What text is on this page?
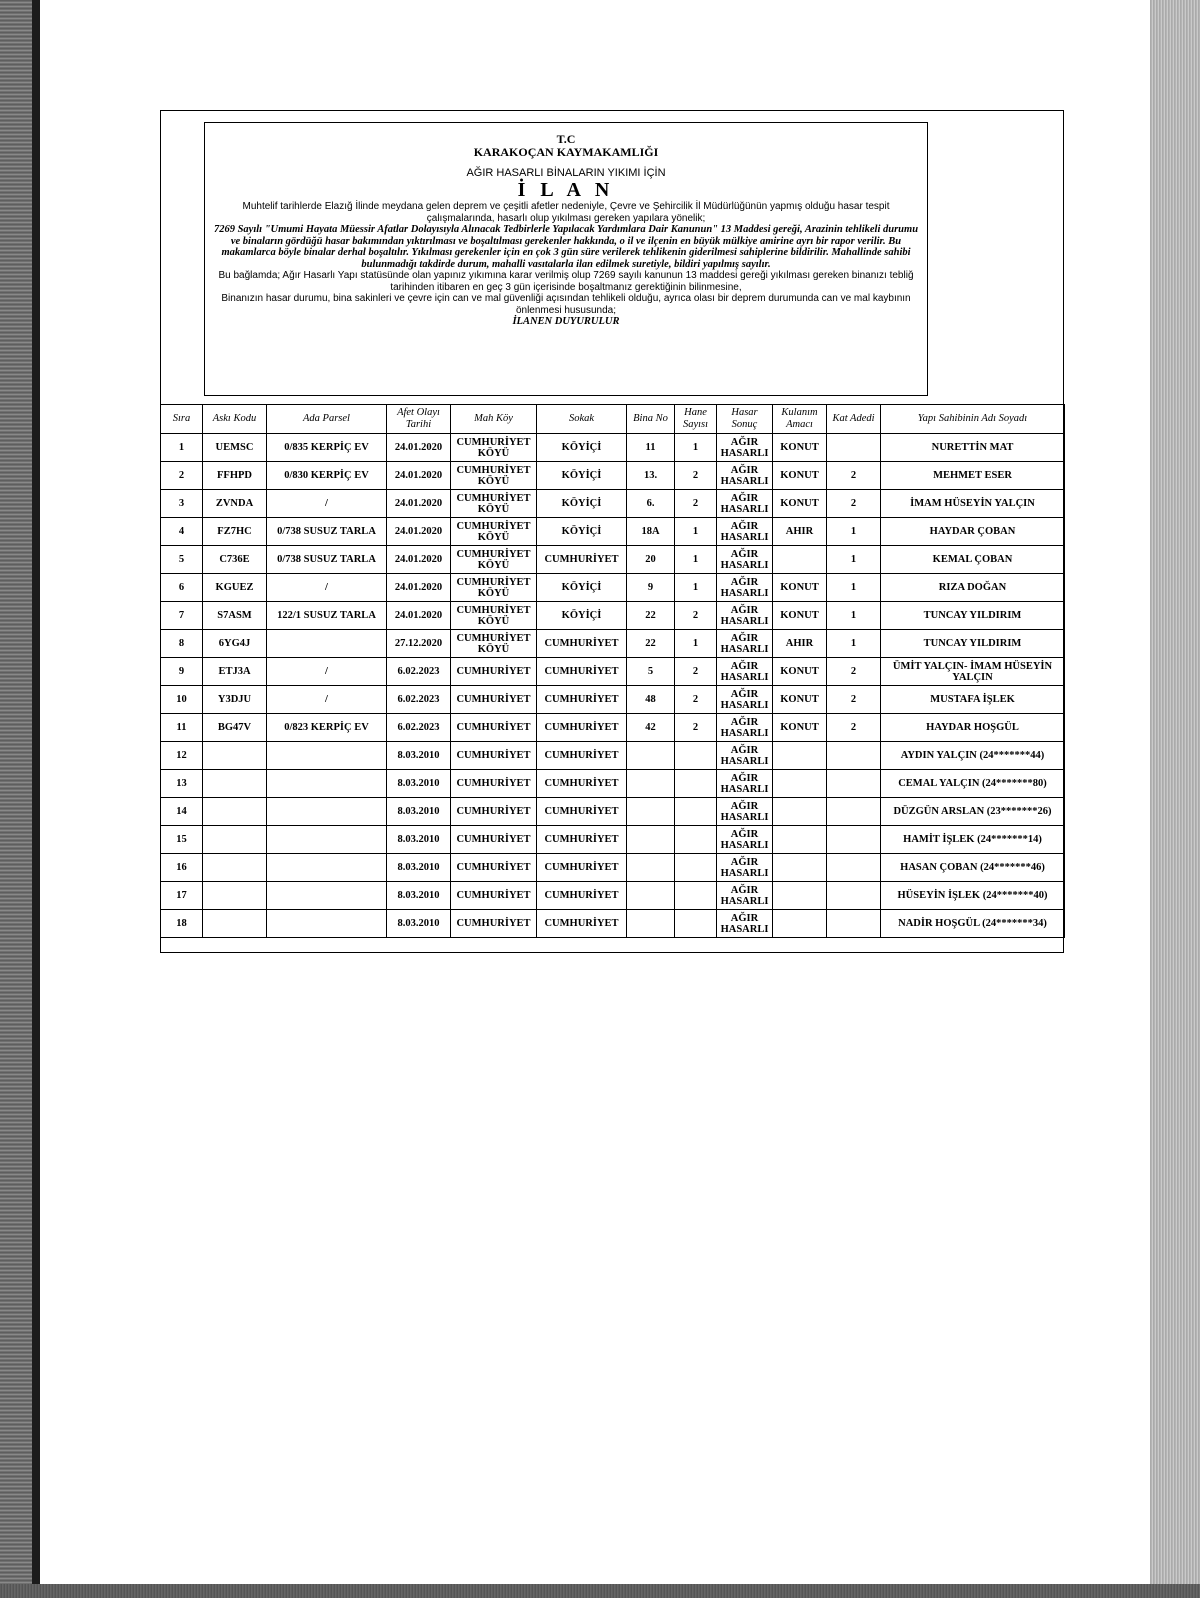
T.C
KARAKOÇAN KAYMAKAMLIĞI
AĞIR HASARLI BİNALARIN YIKIMI İÇİN
İ L A N
Muhtelif tarihlerde Elazığ İlinde meydana gelen deprem ve çeşitli afetler nedeniyle, Çevre ve Şehircilik İl Müdürlüğünün yapmış olduğu hasar tespit çalışmalarında, hasarlı olup yıkılması gereken yapılara yönelik;
7269 Sayılı "Umumi Hayata Müessir Afatlar Dolayısıyla Alınacak Tedbirlerle Yapılacak Yardımlara Dair Kanunun" 13 Maddesi gereği, Arazinin tehlikeli durumu ve binaların gördüğü hasar bakımından yıktırılması ve boşaltılması gerekenler hakkında, o il ve ilçenin en büyük mülkiye amirine ayrı bir rapor verilir. Bu makamlarca böyle binalar derhal boşaltılır. Yıkılması gerekenler için en çok 3 gün süre verilerek tehlikenin giderilmesi sahiplerine bildirilir. Mahallinde sahibi bulunmadığı takdirde durum, mahalli vasıtalarla ilan edilmek suretiyle, bildiri yapılmış sayılır.
Bu bağlamda; Ağır Hasarlı Yapı statüsünde olan yapınız yıkımına karar verilmiş olup 7269 sayılı kanunun 13 maddesi gereği yıkılması gereken binanızı tebliğ tarihinden itibaren en geç 3 gün içerisinde boşaltmanız gerektiğinin bilinmesine,
Binanızın hasar durumu, bina sakinleri ve çevre için can ve mal güvenliği açısından tehlikeli olduğu, ayrıca olası bir deprem durumunda can ve mal kaybının önlenmesi hususunda;
İLANEN DUYURULUR
Sıra	Askı Kodu	Ada Parsel	Afet Olayı Tarihi	Mah Köy	Sokak	Bina No	Hane Sayısı	Hasar Sonuç	Kulanım Amacı	Kat Adedi	Yapı Sahibinin Adı Soyadı
1	UEMSC	0/835 KERPİÇ EV	24.01.2020	CUMHURİYET KÖYÜ	KÖYİÇİ	11	1	AĞIR HASARLI	KONUT		NURETTİN MAT
2	FFHPD	0/830 KERPİÇ EV	24.01.2020	CUMHURİYET KÖYÜ	KÖYİÇİ	13.	2	AĞIR HASARLI	KONUT	2	MEHMET ESER
3	ZVNDA	/	24.01.2020	CUMHURİYET KÖYÜ	KÖYİÇİ	6.	2	AĞIR HASARLI	KONUT	2	İMAM HÜSEYİN YALÇIN
4	FZ7HC	0/738 SUSUZ TARLA	24.01.2020	CUMHURİYET KÖYÜ	KÖYİÇİ	18A	1	AĞIR HASARLI	AHIR	1	HAYDAR ÇOBAN
5	C736E	0/738 SUSUZ TARLA	24.01.2020	CUMHURİYET KÖYÜ	CUMHURİYET	20	1	AĞIR HASARLI		1	KEMAL ÇOBAN
6	KGUEZ	/	24.01.2020	CUMHURİYET KÖYÜ	KÖYİÇİ	9	1	AĞIR HASARLI	KONUT	1	RIZA DOĞAN
7	S7ASM	122/1 SUSUZ TARLA	24.01.2020	CUMHURİYET KÖYÜ	KÖYİÇİ	22	2	AĞIR HASARLI	KONUT	1	TUNCAY YILDIRIM
8	6YG4J		27.12.2020	CUMHURİYET KÖYÜ	CUMHURİYET	22	1	AĞIR HASARLI	AHIR	1	TUNCAY YILDIRIM
9	ETJ3A	/	6.02.2023	CUMHURİYET	CUMHURİYET	5	2	AĞIR HASARLI	KONUT	2	ÜMİT YALÇIN- İMAM HÜSEYİN YALÇIN
10	Y3DJU	/	6.02.2023	CUMHURİYET	CUMHURİYET	48	2	AĞIR HASARLI	KONUT	2	MUSTAFA İŞLEK
11	BG47V	0/823 KERPİÇ EV	6.02.2023	CUMHURİYET	CUMHURİYET	42	2	AĞIR HASARLI	KONUT	2	HAYDAR HOŞGÜL
12			8.03.2010	CUMHURİYET	CUMHURİYET			AĞIR HASARLI			AYDIN YALÇIN (24*******44)
13			8.03.2010	CUMHURİYET	CUMHURİYET			AĞIR HASARLI			CEMAL YALÇIN (24*******80)
14			8.03.2010	CUMHURİYET	CUMHURİYET			AĞIR HASARLI			DÜZGÜN ARSLAN (23*******26)
15			8.03.2010	CUMHURİYET	CUMHURİYET			AĞIR HASARLI			HAMİT İŞLEK (24*******14)
16			8.03.2010	CUMHURİYET	CUMHURİYET			AĞIR HASARLI			HASAN ÇOBAN (24*******46)
17			8.03.2010	CUMHURİYET	CUMHURİYET			AĞIR HASARLI			HÜSEYİN İŞLEK (24*******40)
18			8.03.2010	CUMHURİYET	CUMHURİYET			AĞIR HASARLI			NADİR HOŞGÜL (24*******34)
